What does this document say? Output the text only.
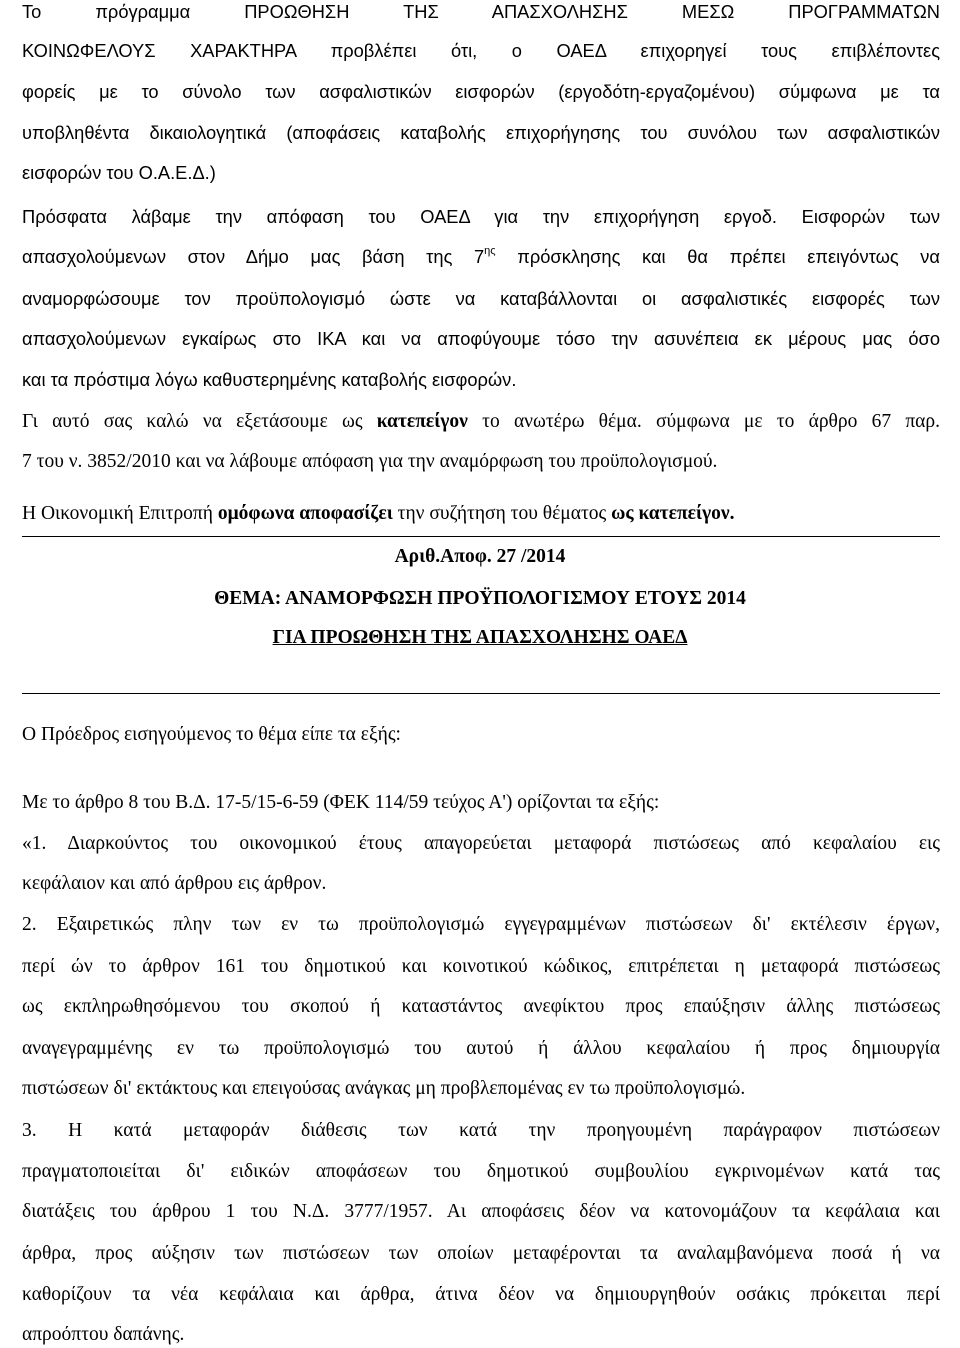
Το	πρόγραμμα ΠΡΟΩΘΗΣΗ	ΤΗΣ	ΑΠΑΣΧΟΛΗΣΗΣ ΜΕΣΩ ΠΡΟΓΡΑΜΜΑΤΩΝ
ΚΟΙΝΩΦΕΛΟΥΣ ΧΑΡΑΚΤΗΡΑ προβλέπει ότι, ο ΟΑΕΔ επιχορηγεί τους επιβλέποντες
φορείς με το σύνολο των ασφαλιστικών εισφορών (εργοδότη-εργαζομένου) σύμφωνα με τα
υποβληθέντα δικαιολογητικά (αποφάσεις καταβολής επιχορήγησης του συνόλου των ασφαλιστικών
εισφορών του Ο.Α.Ε.Δ.)
Πρόσφατα λάβαμε την απόφαση του ΟΑΕΔ για την επιχορήγηση εργοδ. Εισφορών των
απασχολούμενων στον Δήμο μας βάση της $7^{\eta\varsigma}$ πρόσκλησης και θα πρέπει επειγόντως να
αναμορφώσουμε τον προϋπολογισμό ώστε να καταβάλλονται οι ασφαλιστικές εισφορές των
απασχολούμενων εγκαίρως στο ΙΚΑ και να αποφύγουμε τόσο την ασυνέπεια εκ μέρους μας όσο
και τα πρόστιμα λόγω καθυστερημένης καταβολής εισφορών.
Γι αυτό σας καλώ να εξετάσουμε ως κατεπείγον το ανωτέρω θέμα. σύμφωνα με το άρθρο 67 παρ.
7 του ν. 3852/2010 και να λάβουμε απόφαση για την αναμόρφωση του προϋπολογισμού.
Η Οικονομική Επιτροπή ομόφωνα αποφασίζει την συζήτηση του θέματος ως κατεπείγον.
Αριθ.Αποφ. 27 /2014
ΘΕΜΑ: ΑΝΑΜΟΡΦΩΣΗ ΠΡΟΫΠΟΛΟΓΙΣΜΟΥ ΕΤΟΥΣ 2014
ΓΙΑ ΠΡΟΩΘΗΣΗ ΤΗΣ ΑΠΑΣΧΟΛΗΣΗΣ ΟΑΕΔ
Ο Πρόεδρος εισηγούμενος το θέμα είπε τα εξής:
Με το άρθρο 8 του Β.Δ. 17-5/15-6-59 (ΦΕΚ 114/59 τεύχος Α') ορίζονται τα εξής:
«1. Διαρκούντος του οικονομικού έτους απαγορεύεται μεταφορά πιστώσεως από κεφαλαίου εις
κεφάλαιον και από άρθρου εις άρθρον.
2. Εξαιρετικώς πλην των εν τω προϋπολογισμώ εγγεγραμμένων πιστώσεων δι' εκτέλεσιν έργων,
περί ών το άρθρον 161 του δημοτικού και κοινοτικού κώδικος, επιτρέπεται η μεταφορά πιστώσεως
ως εκπληρωθησόμενου του σκοπού ή καταστάντος ανεφίκτου προς επαύξησιν άλλης πιστώσεως
αναγεγραμμένης εν τω προϋπολογισμώ του αυτού ή άλλου κεφαλαίου ή προς δημιουργία
πιστώσεων δι' εκτάκτους και επειγούσας ανάγκας μη προβλεπομένας εν τω προϋπολογισμώ.
3. Η κατά μεταφοράν διάθεσις των κατά την προηγουμένη παράγραφον πιστώσεων
πραγματοποιείται δι' ειδικών αποφάσεων του δημοτικού συμβουλίου εγκρινομένων κατά τας
διατάξεις του άρθρου 1 του Ν.Δ. 3777/1957. Αι αποφάσεις δέον να κατονομάζουν τα κεφάλαια και
άρθρα, προς αύξησιν των πιστώσεων των οποίων μεταφέρονται τα αναλαμβανόμενα ποσά ή να
καθορίζουν τα νέα κεφάλαια και άρθρα, άτινα δέον να δημιουργηθούν οσάκις πρόκειται περί
απροόπτου δαπάνης.
